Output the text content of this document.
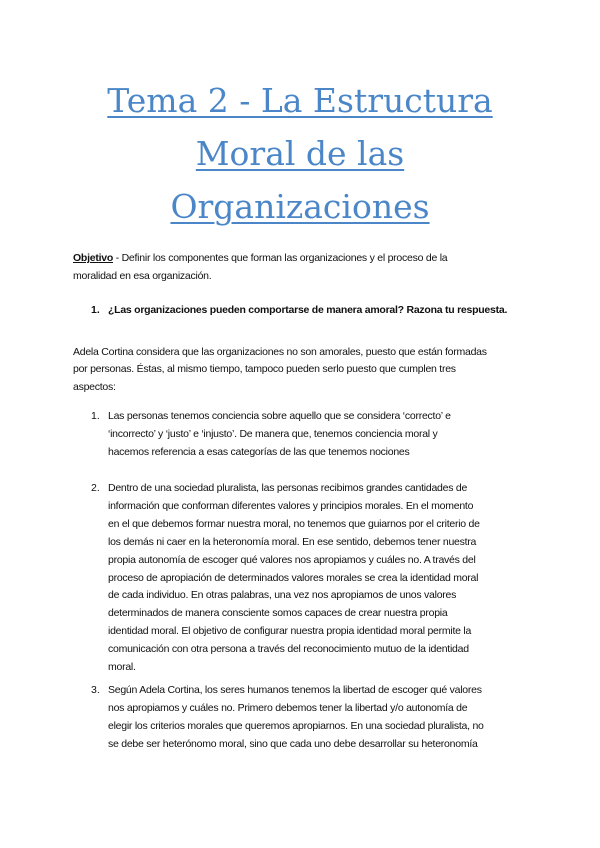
Tema 2 - La Estructura
Moral de las
Organizaciones
Objetivo - Definir los componentes que forman las organizaciones y el proceso de la
moralidad en esa organización.
1. ¿Las organizaciones pueden comportarse de manera amoral? Razona tu respuesta.
Adela Cortina considera que las organizaciones no son amorales, puesto que están formadas
por personas. Éstas, al mismo tiempo, tampoco pueden serlo puesto que cumplen tres
aspectos:
1. Las personas tenemos conciencia sobre aquello que se considera ‘correcto’ e
‘incorrecto’ y ‘justo’ e ‘injusto’. De manera que, tenemos conciencia moral y
hacemos referencia a esas categorías de las que tenemos nociones
2. Dentro de una sociedad pluralista, las personas recibimos grandes cantidades de
información que conforman diferentes valores y principios morales. En el momento
en el que debemos formar nuestra moral, no tenemos que guiarnos por el criterio de
los demás ni caer en la heteronomía moral. En ese sentido, debemos tener nuestra
propia autonomía de escoger qué valores nos apropiamos y cuáles no. A través del
proceso de apropiación de determinados valores morales se crea la identidad moral
de cada individuo. En otras palabras, una vez nos apropiamos de unos valores
determinados de manera consciente somos capaces de crear nuestra propia
identidad moral. El objetivo de configurar nuestra propia identidad moral permite la
comunicación con otra persona a través del reconocimiento mutuo de la identidad
moral.
3. Según Adela Cortina, los seres humanos tenemos la libertad de escoger qué valores
nos apropiamos y cuáles no. Primero debemos tener la libertad y/o autonomía de
elegir los criterios morales que queremos apropiarnos. En una sociedad pluralista, no
se debe ser heterónomo moral, sino que cada uno debe desarrollar su heteronomía
